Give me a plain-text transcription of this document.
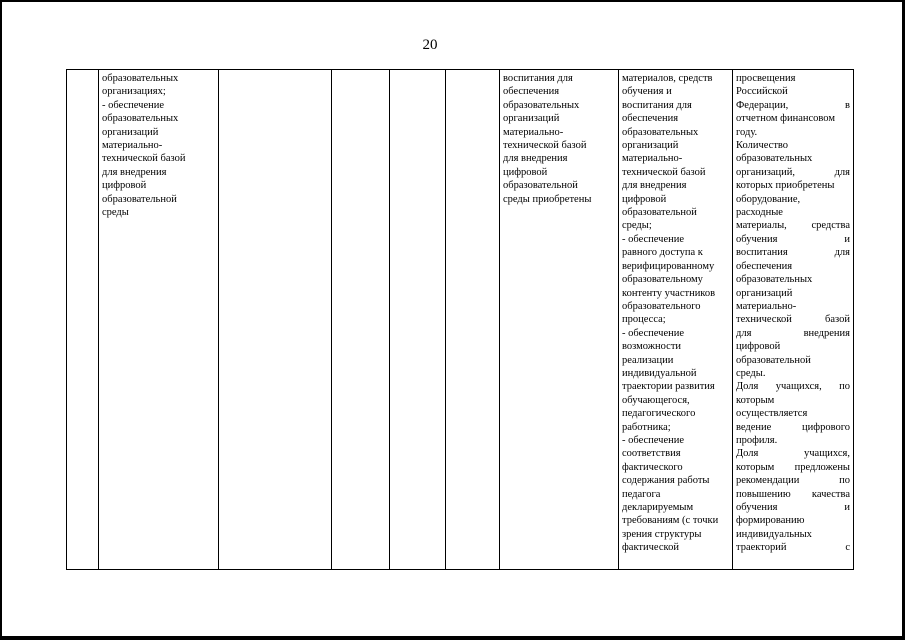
20

образовательных
организациях;
- обеспечение
образовательных
организаций
материально-
технической базой
для внедрения
цифровой
образовательной
среды

воспитания для
обеспечения
образовательных
организаций
материально-
технической базой
для внедрения
цифровой
образовательной
среды приобретены

материалов, средств
обучения и
воспитания для
обеспечения
образовательных
организаций
материально-
технической базой
для внедрения
цифровой
образовательной
среды;
- обеспечение
равного доступа к
верифицированному
образовательному
контенту участников
образовательного
процесса;
- обеспечение
возможности
реализации
индивидуальной
траектории развития
обучающегося,
педагогического
работника;
- обеспечение
соответствия
фактического
содержания работы
педагога
декларируемым
требованиям (с точки
зрения структуры
фактической

просвещения
Российской
Федерации, в
отчетном финансовом
году.
Количество
образовательных
организаций, для
которых приобретены
оборудование,
расходные
материалы, средства
обучения и
воспитания для
обеспечения
образовательных
организаций
материально-
технической базой
для внедрения
цифровой
образовательной
среды.
Доля учащихся, по
которым
осуществляется
ведение цифрового
профиля.
Доля учащихся,
которым предложены
рекомендации по
повышению качества
обучения и
формированию
индивидуальных
траекторий с
